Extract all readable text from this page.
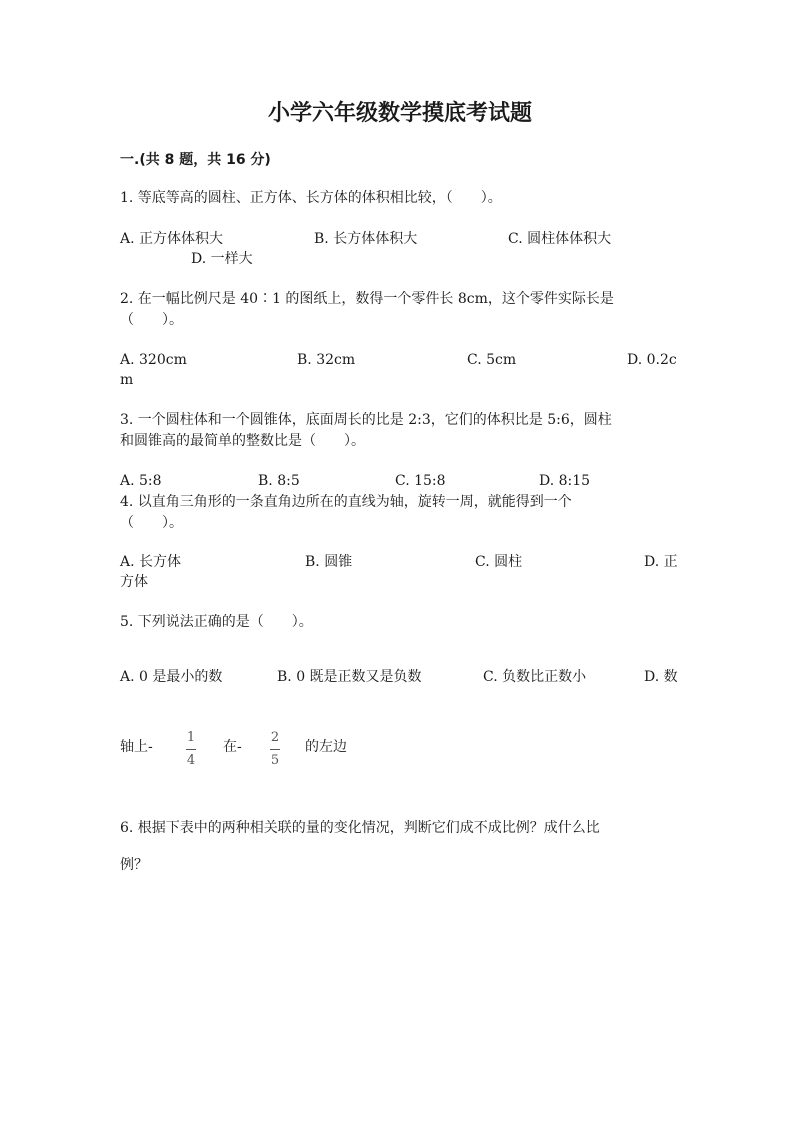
小学六年级数学摸底考试题
一.(共 8 题，共 16 分)
1. 等底等高的圆柱、正方体、长方体的体积相比较，（　　）。
A. 正方体体积大	B. 长方体体积大	C. 圆柱体体积大
D. 一样大
2. 在一幅比例尺是 40∶1 的图纸上，数得一个零件长 8cm，这个零件实际长是
（　　）。
A. 320cm	B. 32cm	C. 5cm	D. 0.2c
m
3. 一个圆柱体和一个圆锥体，底面周长的比是 2:3，它们的体积比是 5:6，圆柱
和圆锥高的最简单的整数比是（　　）。
A. 5:8	B. 8:5	C. 15:8	D. 8:15
4. 以直角三角形的一条直角边所在的直线为轴，旋转一周，就能得到一个
（　　）。
A. 长方体	B. 圆锥	C. 圆柱	D. 正
方体
5. 下列说法正确的是（　　）。
A. 0 是最小的数	B. 0 既是正数又是负数	C. 负数比正数小	D. 数
轴上-
1
4
在-
2
5
的左边
6. 根据下表中的两种相关联的量的变化情况，判断它们成不成比例？成什么比
例？
